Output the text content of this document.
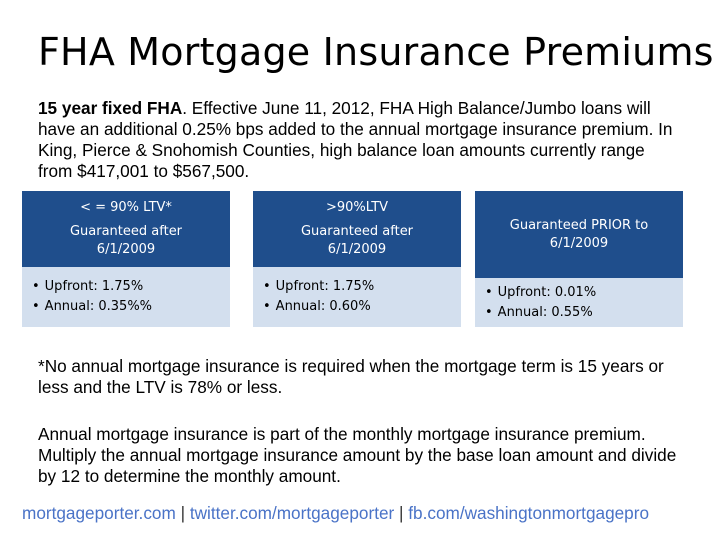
FHA Mortgage Insurance Premiums
15 year fixed FHA. Effective June 11, 2012, FHA High Balance/Jumbo loans will have an additional 0.25% bps added to the annual mortgage insurance premium. In King, Pierce & Snohomish Counties, high balance loan amounts currently range from $417,001 to $567,500.
< = 90% LTV*
Guaranteed after
6/1/2009
• Upfront: 1.75%
• Annual: 0.35%%
>90%LTV
Guaranteed after
6/1/2009
• Upfront: 1.75%
• Annual: 0.60%
Guaranteed PRIOR to
6/1/2009
• Upfront: 0.01%
• Annual: 0.55%
*No annual mortgage insurance is required when the mortgage term is 15 years or less and the LTV is 78% or less.
Annual mortgage insurance is part of the monthly mortgage insurance premium. Multiply the annual mortgage insurance amount by the base loan amount and divide by 12 to determine the monthly amount.
mortgageporter.com | twitter.com/mortgageporter | fb.com/washingtonmortgagepro
